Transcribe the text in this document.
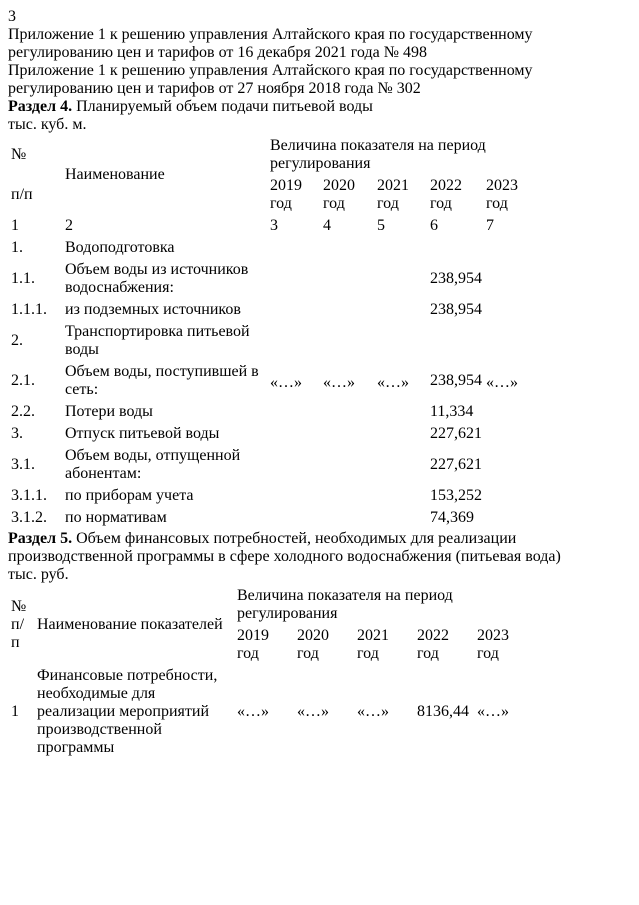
3
Приложение 1 к решению управления Алтайского края по государственному регулированию цен и тарифов от 16 декабря 2021 года № 498
Приложение 1 к решению управления Алтайского края по государственному регулированию цен и тарифов от 27 ноября 2018 года № 302
Раздел 4. Планируемый объем подачи питьевой воды
тыс. куб. м.
№	Наименование	Величина показателя на период регулирования				
п/п		2019 год	2020 год	2021 год	2022 год	2023 год
1	2	3	4	5	6	7
1.	Водоподготовка	«…»	«…»	«…»		«…»
1.1.	Объем воды из источников водоснабжения:				238,954	
1.1.1.	из подземных источников				238,954	
2.	Транспортировка питьевой воды					
2.1.	Объем воды, поступившей в сеть:				238,954	
2.2.	Потери воды				11,334	
3.	Отпуск питьевой воды				227,621	
3.1.	Объем воды, отпущенной абонентам:				227,621	
3.1.1.	по приборам учета				153,252	
3.1.2.	по нормативам				74,369	
Раздел 5. Объем финансовых потребностей, необходимых для реализации производственной программы в сфере холодного водоснабжения (питьевая вода)
тыс. руб.
№
п/
п	Наименование показателей	Величина показателя на период регулирования				
		2019 год	2020 год	2021 год	2022 год	2023 год
1	Финансовые потребности, необходимые для реализации мероприятий производственной программы	«…»	«…»	«…»	8136,44	«…»
